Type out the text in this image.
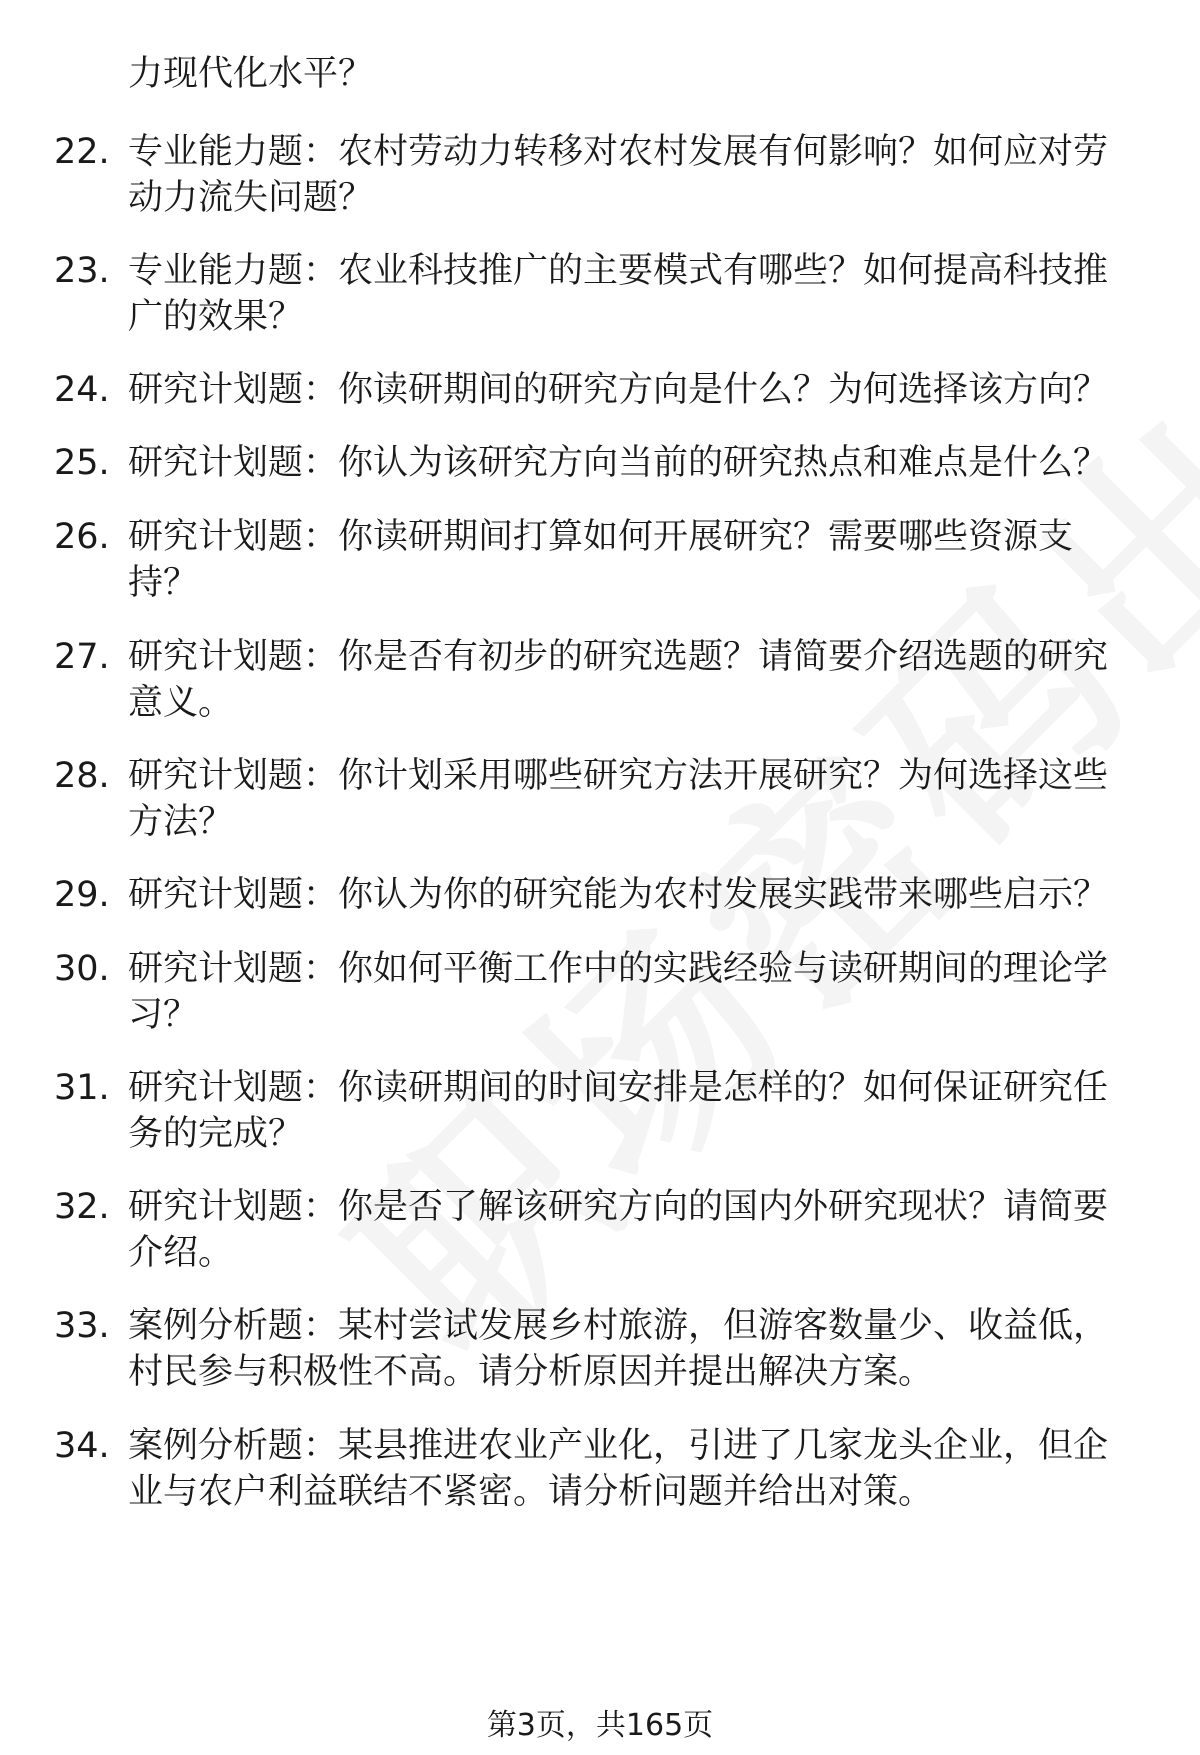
力现代化水平？
22. 专业能力题：农村劳动力转移对农村发展有何影响？如何应对劳
动力流失问题？
23. 专业能力题：农业科技推广的主要模式有哪些？如何提高科技推
广的效果？
24. 研究计划题：你读研期间的研究方向是什么？为何选择该方向？
25. 研究计划题：你认为该研究方向当前的研究热点和难点是什么？
26. 研究计划题：你读研期间打算如何开展研究？需要哪些资源支
持？
27. 研究计划题：你是否有初步的研究选题？请简要介绍选题的研究
意义。
28. 研究计划题：你计划采用哪些研究方法开展研究？为何选择这些
方法？
29. 研究计划题：你认为你的研究能为农村发展实践带来哪些启示？
30. 研究计划题：你如何平衡工作中的实践经验与读研期间的理论学
习？
31. 研究计划题：你读研期间的时间安排是怎样的？如何保证研究任
务的完成？
32. 研究计划题：你是否了解该研究方向的国内外研究现状？请简要
介绍。
33. 案例分析题：某村尝试发展乡村旅游，但游客数量少、收益低，
村民参与积极性不高。请分析原因并提出解决方案。
34. 案例分析题：某县推进农业产业化，引进了几家龙头企业，但企
业与农户利益联结不紧密。请分析问题并给出对策。
第3页，共165页
